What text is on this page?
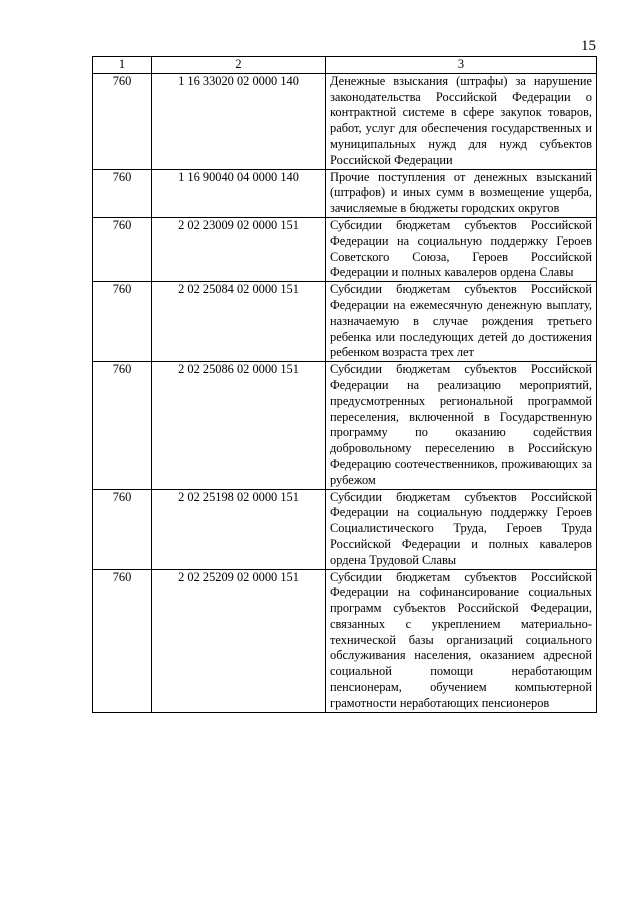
15
1	2	3
760	1 16 33020 02 0000 140	Денежные взыскания (штрафы) за нарушение законодательства Российской Федерации о контрактной системе в сфере закупок товаров, работ, услуг для обеспечения государственных и муниципальных нужд для нужд субъектов Российской Федерации
760	1 16 90040 04 0000 140	Прочие поступления от денежных взысканий (штрафов) и иных сумм в возмещение ущерба, зачисляемые в бюджеты городских округов
760	2 02 23009 02 0000 151	Субсидии бюджетам субъектов Российской Федерации на социальную поддержку Героев Советского Союза, Героев Российской Федерации и полных кавалеров ордена Славы
760	2 02 25084 02 0000 151	Субсидии бюджетам субъектов Российской Федерации на ежемесячную денежную выплату, назначаемую в случае рождения третьего ребенка или последующих детей до достижения ребенком возраста трех лет
760	2 02 25086 02 0000 151	Субсидии бюджетам субъектов Российской Федерации на реализацию мероприятий, предусмотренных региональной программой переселения, включенной в Государственную программу по оказанию содействия добровольному переселению в Российскую Федерацию соотечественников, проживающих за рубежом
760	2 02 25198 02 0000 151	Субсидии бюджетам субъектов Российской Федерации на социальную поддержку Героев Социалистического Труда, Героев Труда Российской Федерации и полных кавалеров ордена Трудовой Славы
760	2 02 25209 02 0000 151	Субсидии бюджетам субъектов Российской Федерации на софинансирование социальных программ субъектов Российской Федерации, связанных с укреплением материально-технической базы организаций социального обслуживания населения, оказанием адресной социальной помощи неработающим пенсионерам, обучением компьютерной грамотности неработающих пенсионеров
